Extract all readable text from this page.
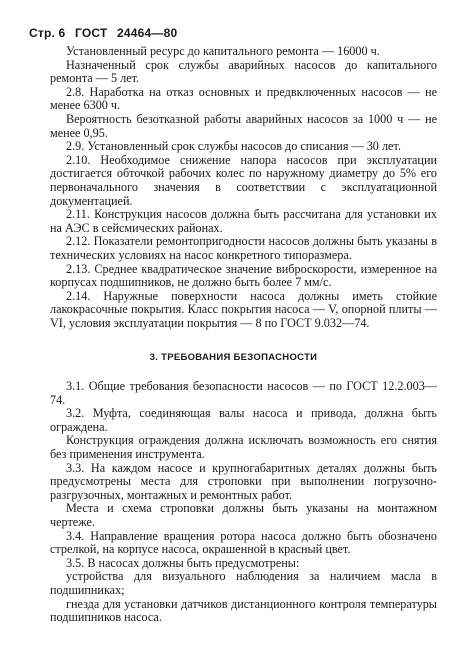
Стр. 6 ГОСТ 24464—80

Установленный ресурс до капитального ремонта — 16000 ч.

Назначенный срок службы аварийных насосов до капитального ремонта — 5 лет.

2.8. Наработка на отказ основных и предвключенных насосов — не менее 6300 ч.

Вероятность безотказной работы аварийных насосов за 1000 ч — не менее 0,95.

2.9. Установленный срок службы насосов до списания — 30 лет.

2.10. Необходимое снижение напора насосов при эксплуатации достигается обточкой рабочих колес по наружному диаметру до 5% его первоначального значения в соответствии с эксплуатационной документацией.

2.11. Конструкция насосов должна быть рассчитана для установки их на АЭС в сейсмических районах.

2.12. Показатели ремонтопригодности насосов должны быть указаны в технических условиях на насос конкретного типоразмера.

2.13. Среднее квадратическое значение виброскорости, измеренное на корпусах подшипников, не должно быть более 7 мм/с.

2.14. Наружные поверхности насоса должны иметь стойкие лакокрасочные покрытия. Класс покрытия насоса — V, опорной плиты — VI, условия эксплуатации покрытия — 8 по ГОСТ 9.032—74.

3. ТРЕБОВАНИЯ БЕЗОПАСНОСТИ

3.1. Общие требования безопасности насосов — по ГОСТ 12.2.003—74.

3.2. Муфта, соединяющая валы насоса и привода, должна быть ограждена.

Конструкция ограждения должна исключать возможность его снятия без применения инструмента.

3.3. На каждом насосе и крупногабаритных деталях должны быть предусмотрены места для строповки при выполнении погрузочно-разгрузочных, монтажных и ремонтных работ.

Места и схема строповки должны быть указаны на монтажном чертеже.

3.4. Направление вращения ротора насоса должно быть обозначено стрелкой, на корпусе насоса, окрашенной в красный цвет.

3.5. В насосах должны быть предусмотрены:

устройства для визуального наблюдения за наличием масла в подшипниках;

гнезда для установки датчиков дистанционного контроля температуры подшипников насоса.
